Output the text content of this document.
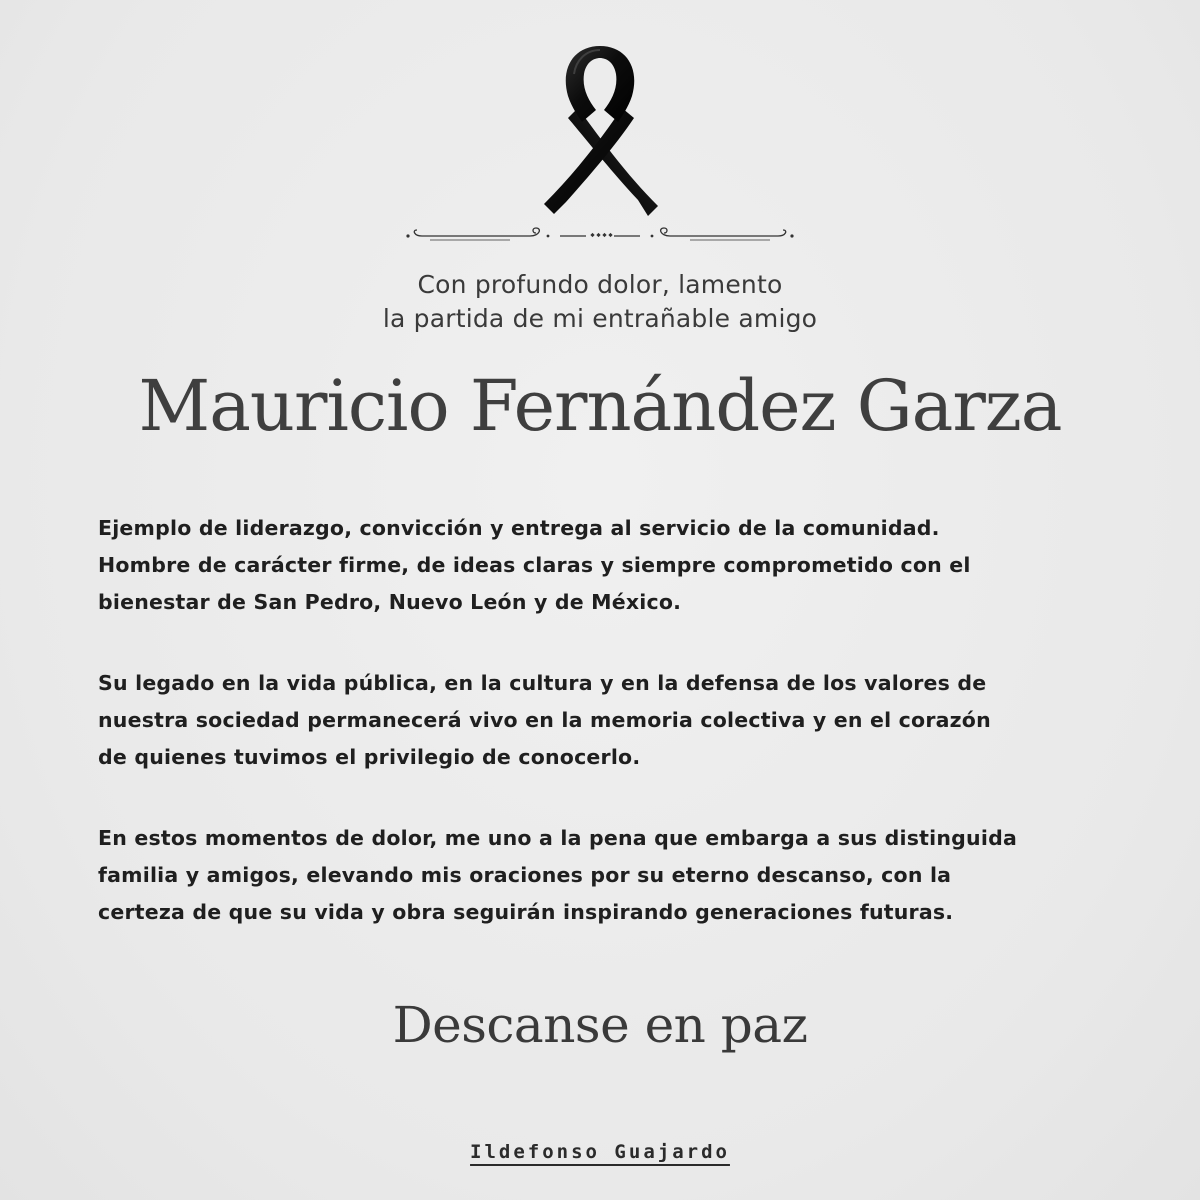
Con profundo dolor, lamento
la partida de mi entrañable amigo
Mauricio Fernández Garza

Ejemplo de liderazgo, convicción y entrega al servicio de la comunidad.
Hombre de carácter firme, de ideas claras y siempre comprometido con el
bienestar de San Pedro, Nuevo León y de México.

Su legado en la vida pública, en la cultura y en la defensa de los valores de
nuestra sociedad permanecerá vivo en la memoria colectiva y en el corazón
de quienes tuvimos el privilegio de conocerlo.

En estos momentos de dolor, me uno a la pena que embarga a sus distinguida
familia y amigos, elevando mis oraciones por su eterno descanso, con la
certeza de que su vida y obra seguirán inspirando generaciones futuras.

Descanse en paz
Ildefonso Guajardo
